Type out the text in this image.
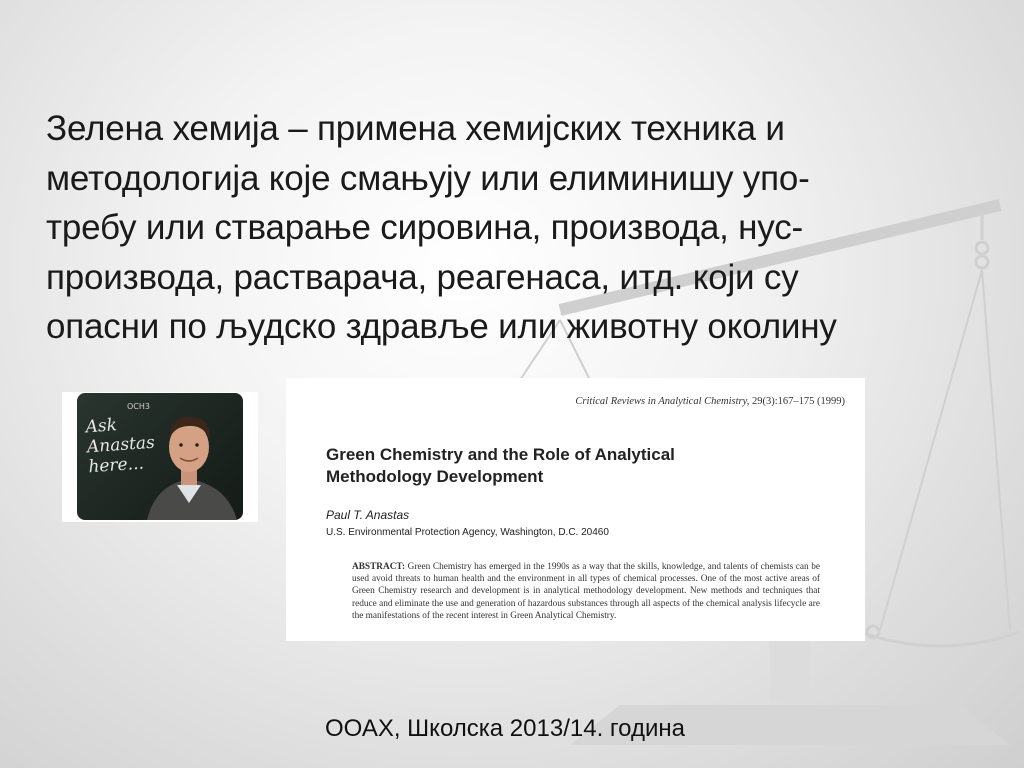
Зелена хемија – примена хемијских техника и
методологија које смањују или елиминишу упо-
требу или стварање сировина, производа, нус-
производа, растварача, реагенаса, итд. који су
опасни по људско здравље или животну околину
OCH3
Ask
Anastas
here...
Critical Reviews in Analytical Chemistry, 29(3):167–175 (1999)
Green Chemistry and the Role of Analytical
Methodology Development
Paul T. Anastas
U.S. Environmental Protection Agency, Washington, D.C. 20460
ABSTRACT: Green Chemistry has emerged in the 1990s as a way that the skills, knowledge, and talents of chemists can be used avoid threats to human health and the environment in all types of chemical processes. One of the most active areas of Green Chemistry research and development is in analytical methodology development. New methods and techniques that reduce and eliminate the use and generation of hazardous substances through all aspects of the chemical analysis lifecycle are the manifestations of the recent interest in Green Analytical Chemistry.
ООАХ, Школска 2013/14. година
